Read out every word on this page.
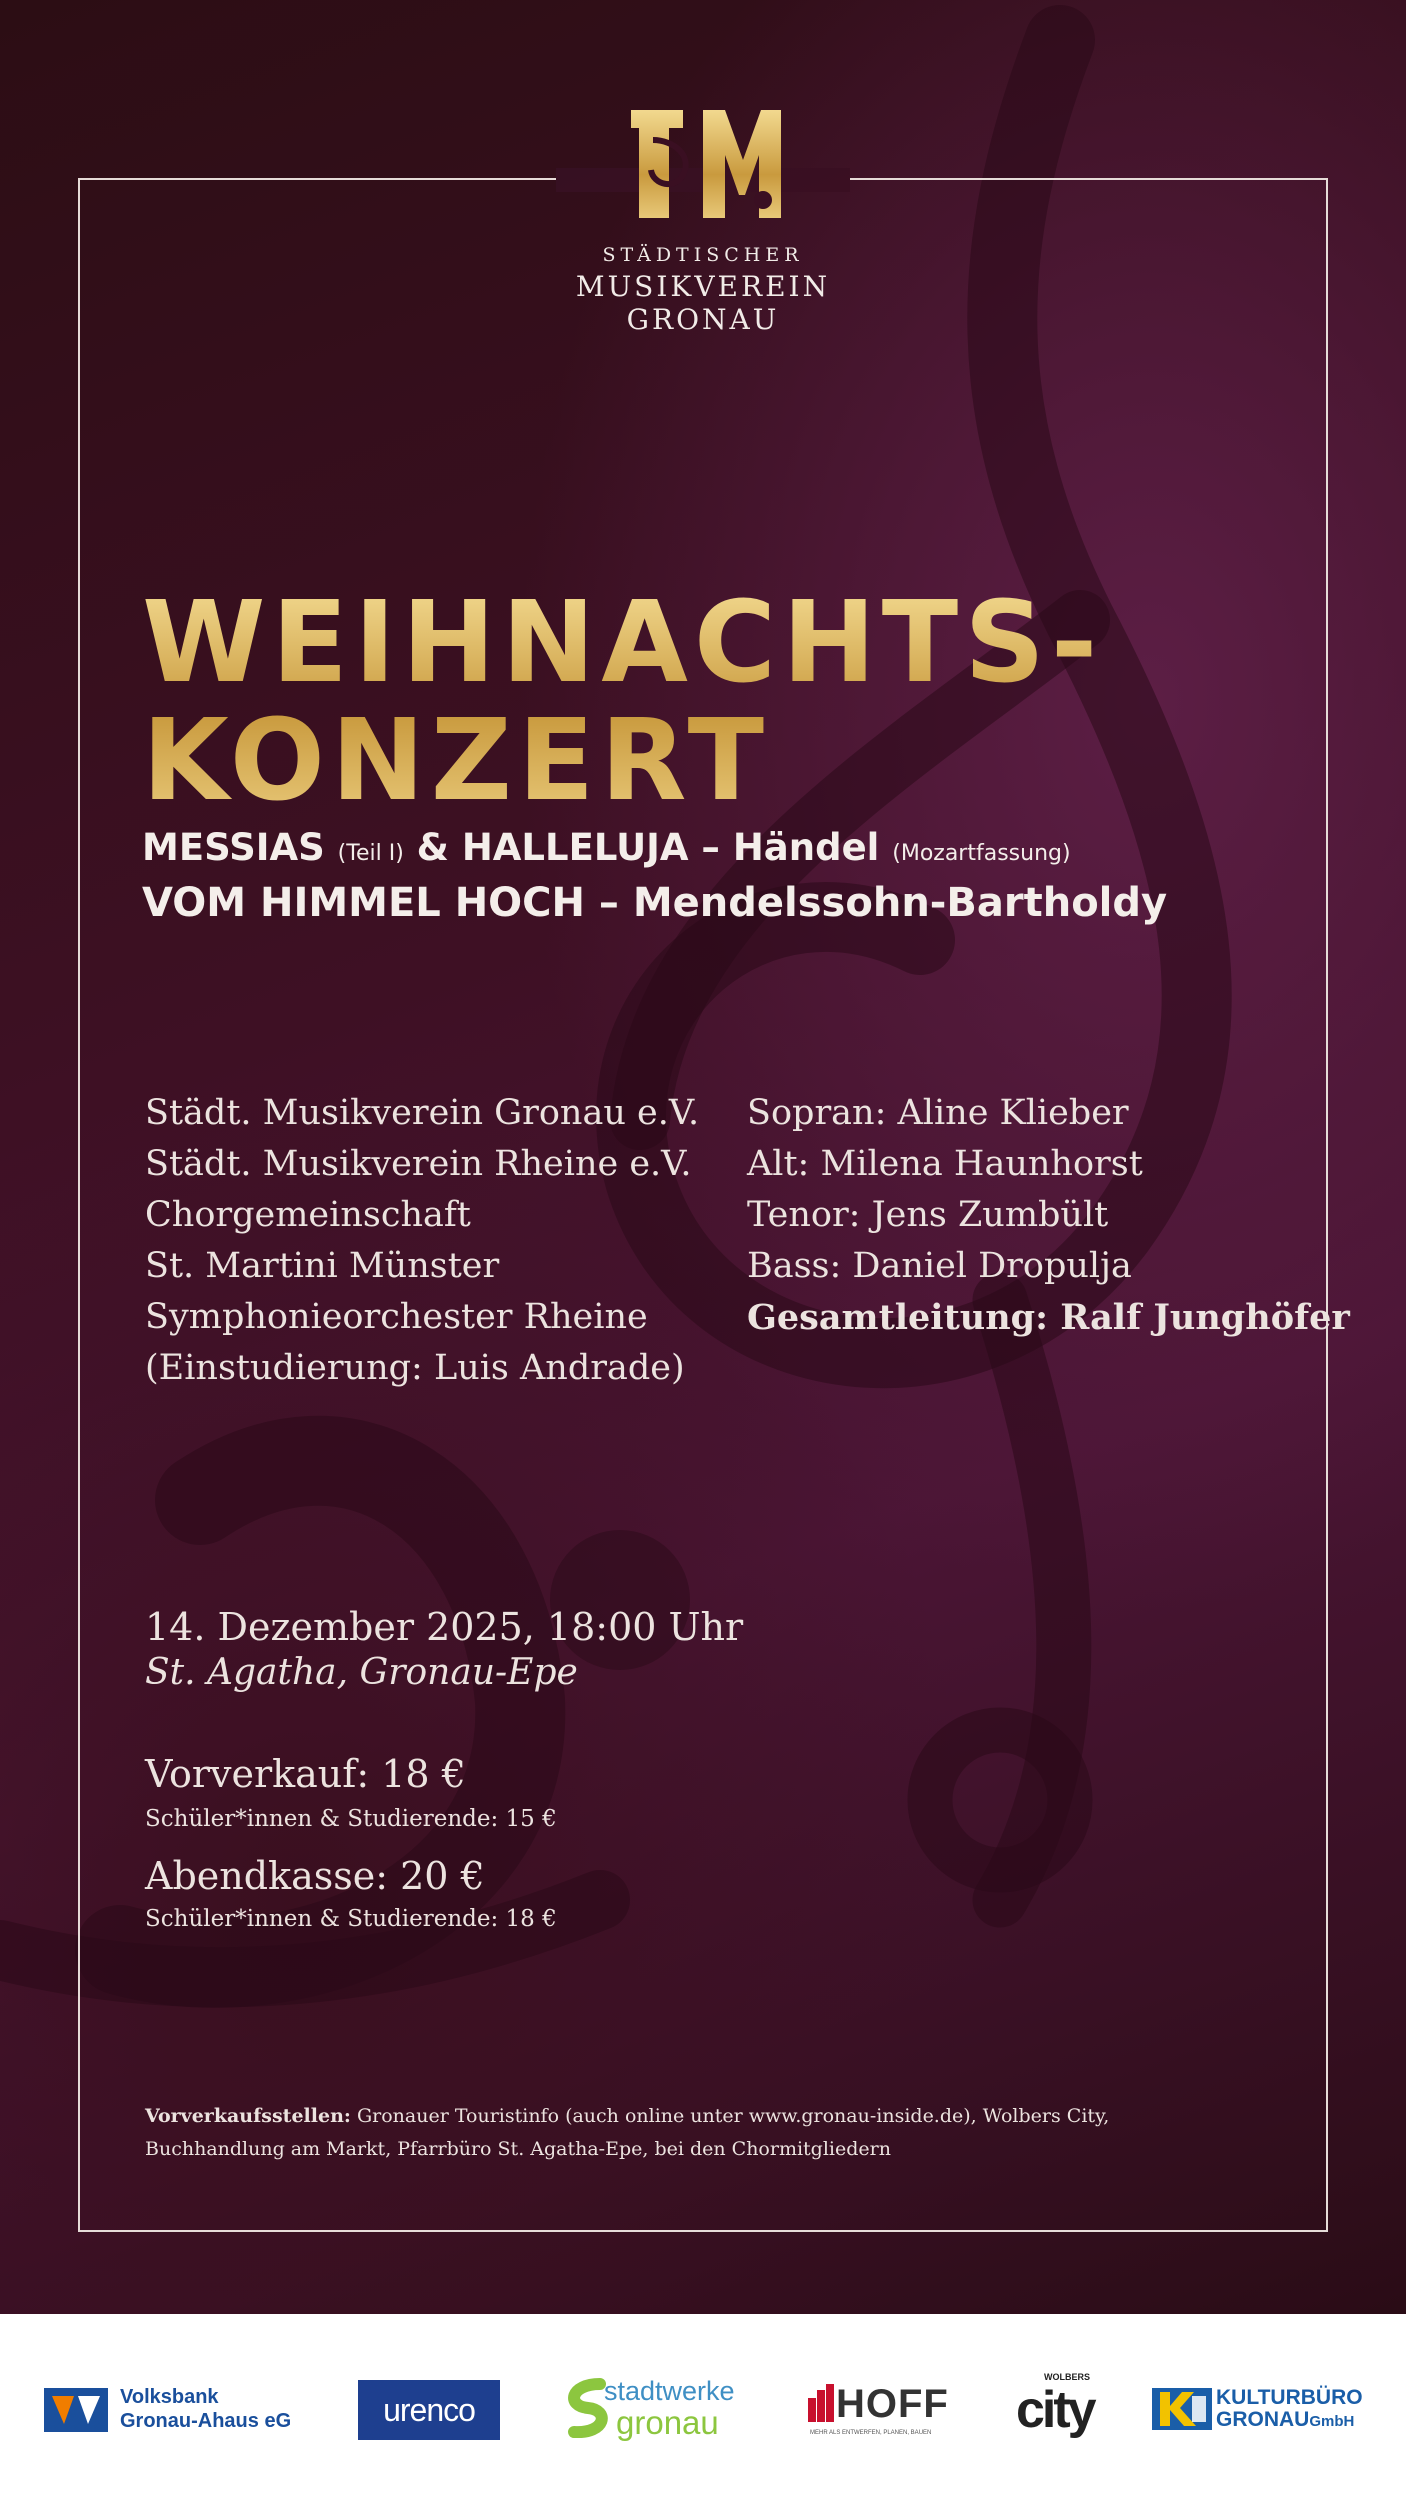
STÄDTISCHER
MUSIKVEREIN
GRONAU
WEIHNACHTS-
KONZERT
MESSIAS (Teil I) & HALLELUJA – Händel (Mozartfassung)
VOM HIMMEL HOCH – Mendelssohn-Bartholdy

Städt. Musikverein Gronau e.V.

Städt. Musikverein Rheine e.V.

Chorgemeinschaft

St. Martini Münster

Symphonieorchester Rheine

(Einstudierung: Luis Andrade)

Sopran: Aline Klieber

Alt: Milena Haunhorst

Tenor: Jens Zumbült

Bass: Daniel Dropulja

Gesamtleitung: Ralf Junghöfer

14. Dezember 2025, 18:00 Uhr
St. Agatha, Gronau-Epe
Vorverkauf: 18 €
Schüler*innen & Studierende: 15 €
Abendkasse: 20 €
Schüler*innen & Studierende: 18 €
Vorverkaufsstellen: Gronauer Touristinfo (auch online unter www.gronau-inside.de), Wolbers City,
Buchhandlung am Markt, Pfarrbüro St. Agatha-Epe, bei den Chormitgliedern
Volksbank
Gronau-Ahaus eG	urenco
stadtwerke
gronau	HOFF
MEHR ALS ENTWERFEN, PLANEN, BAUEN
WOLBERS
city	KULTURBÜRO
GRONAUGmbH
